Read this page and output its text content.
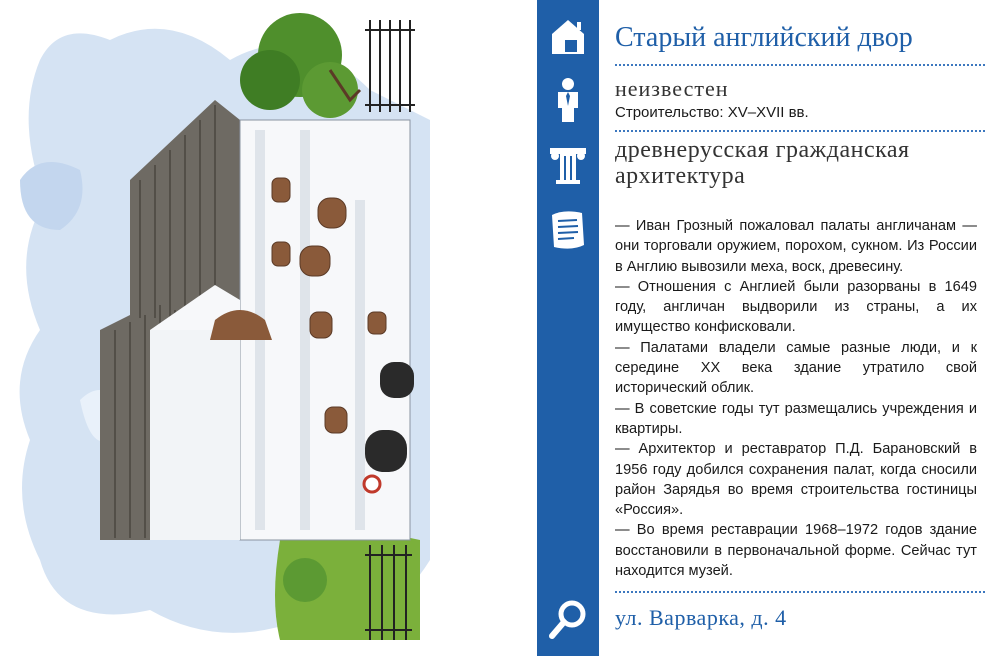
Старый английский двор
неизвестен
Строительство: XV–XVII вв.
древнерусская гражданская архитектура

— Иван Грозный пожаловал палаты англичанам — они торговали оружием, порохом, сукном. Из России в Англию вывозили меха, воск, древесину.

— Отношения с Англией были разорваны в 1649 году, англичан выдворили из страны, а их имущество конфисковали.

— Палатами владели самые разные люди, и к середине XX века здание утратило свой исторический облик.

— В советские годы тут размещались учреждения и квартиры.

— Архитектор и реставратор П.Д. Барановский в 1956 году добился сохранения палат, когда сносили район Зарядья во время строительства гостиницы «Россия».

— Во время реставрации 1968–1972 годов здание восстановили в первоначальной форме. Сейчас тут находится музей.

ул. Варварка, д. 4
